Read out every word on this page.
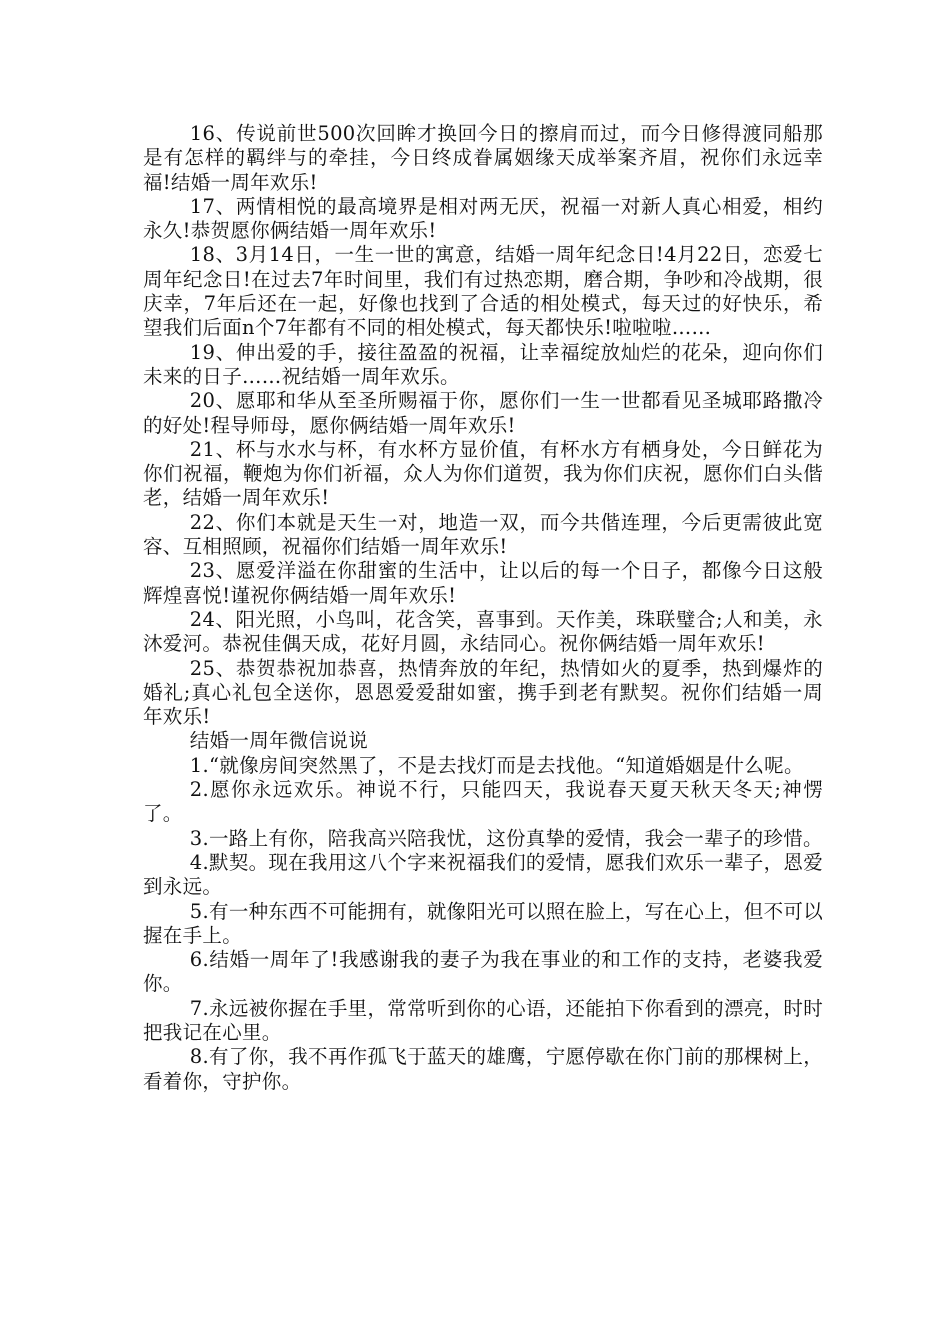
16、传说前世500次回眸才换回今日的擦肩而过，而今日修得渡同船那是有怎样的羁绊与的牵挂，今日终成眷属姻缘天成举案齐眉，祝你们永远幸福!结婚一周年欢乐!

17、两情相悦的最高境界是相对两无厌，祝福一对新人真心相爱，相约永久!恭贺愿你俩结婚一周年欢乐!

18、3月14日，一生一世的寓意，结婚一周年纪念日!4月22日，恋爱七周年纪念日!在过去7年时间里，我们有过热恋期，磨合期，争吵和冷战期，很庆幸，7年后还在一起，好像也找到了合适的相处模式，每天过的好快乐，希望我们后面n个7年都有不同的相处模式，每天都快乐!啦啦啦……

19、伸出爱的手，接往盈盈的祝福，让幸福绽放灿烂的花朵，迎向你们未来的日子……祝结婚一周年欢乐。

20、愿耶和华从至圣所赐福于你，愿你们一生一世都看见圣城耶路撒冷的好处!程导师母，愿你俩结婚一周年欢乐!

21、杯与水水与杯，有水杯方显价值，有杯水方有栖身处，今日鲜花为你们祝福，鞭炮为你们祈福，众人为你们道贺，我为你们庆祝，愿你们白头偕老，结婚一周年欢乐!

22、你们本就是天生一对，地造一双，而今共偕连理，今后更需彼此宽容、互相照顾，祝福你们结婚一周年欢乐!

23、愿爱洋溢在你甜蜜的生活中，让以后的每一个日子，都像今日这般辉煌喜悦!谨祝你俩结婚一周年欢乐!

24、阳光照，小鸟叫，花含笑，喜事到。天作美，珠联璧合;人和美，永沐爱河。恭祝佳偶天成，花好月圆，永结同心。祝你俩结婚一周年欢乐!

25、恭贺恭祝加恭喜，热情奔放的年纪，热情如火的夏季，热到爆炸的婚礼;真心礼包全送你，恩恩爱爱甜如蜜，携手到老有默契。祝你们结婚一周年欢乐!

结婚一周年微信说说

1.“就像房间突然黑了，不是去找灯而是去找他。“知道婚姻是什么呢。

2.愿你永远欢乐。神说不行，只能四天，我说春天夏天秋天冬天;神愣了。

3.一路上有你，陪我高兴陪我忧，这份真挚的爱情，我会一辈子的珍惜。

4.默契。现在我用这八个字来祝福我们的爱情，愿我们欢乐一辈子，恩爱到永远。

5.有一种东西不可能拥有，就像阳光可以照在脸上，写在心上，但不可以握在手上。

6.结婚一周年了!我感谢我的妻子为我在事业的和工作的支持，老婆我爱你。

7.永远被你握在手里，常常听到你的心语，还能拍下你看到的漂亮，时时把我记在心里。

8.有了你，我不再作孤飞于蓝天的雄鹰，宁愿停歇在你门前的那棵树上，看着你，守护你。
